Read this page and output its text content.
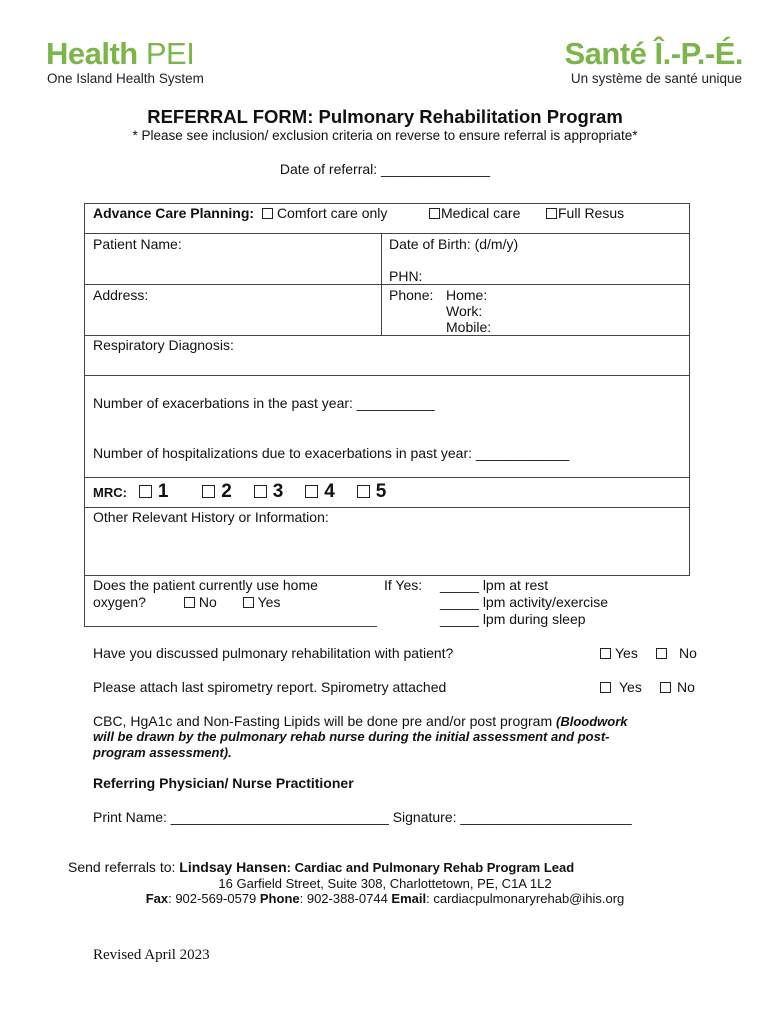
Health PEI
One Island Health System
Santé Î.-P.-É.
Un système de santé unique
REFERRAL FORM: Pulmonary Rehabilitation Program
* Please see inclusion/ exclusion criteria on reverse to ensure referral is appropriate*
Date of referral: ______________
Advance Care Planning: Comfort care only	Medical care	Full Resus
Patient Name:	Date of Birth: (d/m/y)
PHN:
Address:	Phone: Home:
Work:
Mobile:
Respiratory Diagnosis:
Number of exacerbations in the past year: __________
Number of hospitalizations due to exacerbations in past year: ____________
MRC: 1	2 3 4 5
Other Relevant History or Information:
Does the patient currently use home
oxygen?	No	Yes
If Yes: _____ lpm at rest
_____ lpm activity/exercise
_____ lpm during sleep
Have you discussed pulmonary rehabilitation with patient?	Yes	No
Please attach last spirometry report. Spirometry attached	Yes	No
CBC, HgA1c and Non-Fasting Lipids will be done pre and/or post program (Bloodwork
will be drawn by the pulmonary rehab nurse during the initial assessment and post-
program assessment).
Referring Physician/ Nurse Practitioner
Print Name: ____________________________ Signature: ______________________
Send referrals to: Lindsay Hansen: Cardiac and Pulmonary Rehab Program Lead
16 Garfield Street, Suite 308, Charlottetown, PE, C1A 1L2
Fax: 902-569-0579 Phone: 902-388-0744 Email: cardiacpulmonaryrehab@ihis.org
Revised April 2023
